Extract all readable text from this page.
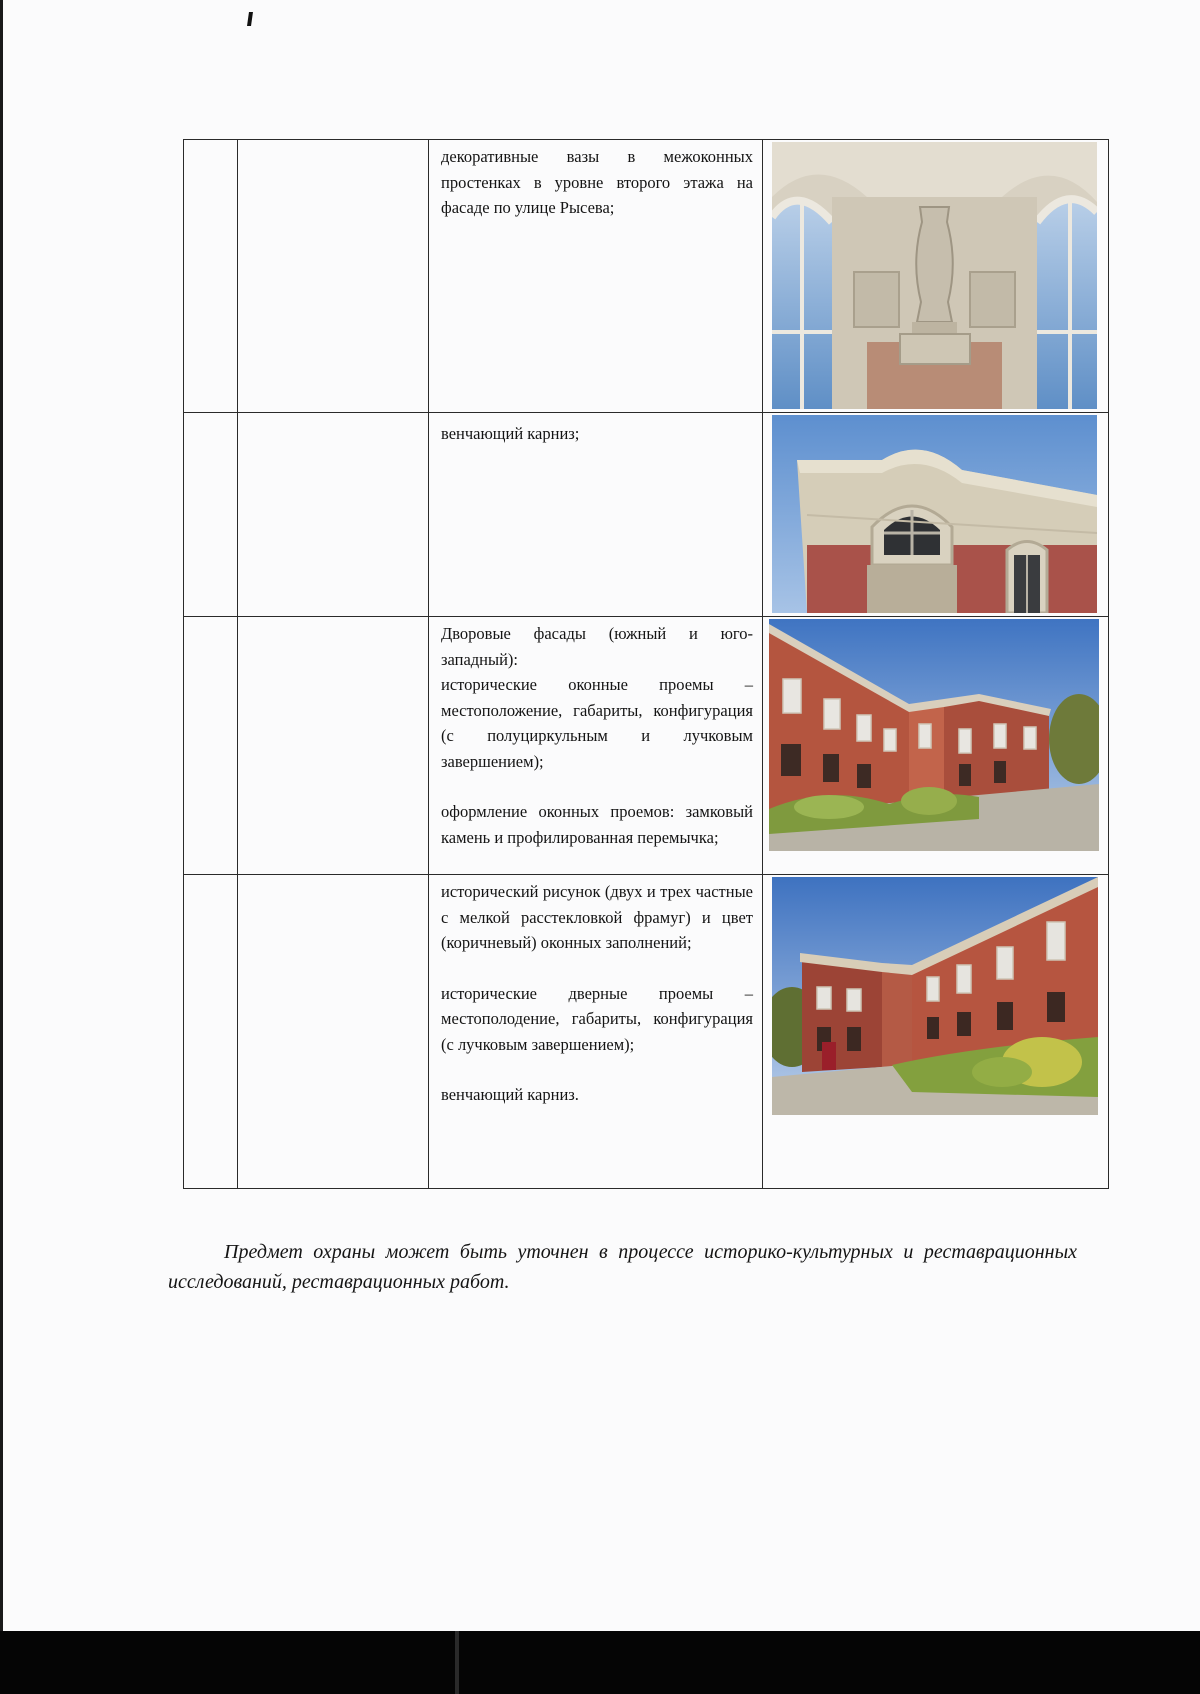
		декоративные вазы в межоконных простенках в уровне второго этажа на фасаде по улице Рысева;

		венчающий карниз;

		Дворовые фасады (южный и юго-западный):

исторические оконные проемы – местоположение, габариты, конфигурация (с полуциркульным и лучковым завершением);

оформление оконных проемов: замковый камень и профилированная перемычка;

		исторический рисунок (двух и трех частные с мелкой расстекловкой фрамуг) и цвет (коричневый) оконных заполнений;

исторические дверные проемы – местополодение, габариты, конфигурация (с лучковым завершением);

венчающий карниз.

Предмет охраны может быть уточнен в процессе историко-культурных и реставрационных исследований, реставрационных работ.
